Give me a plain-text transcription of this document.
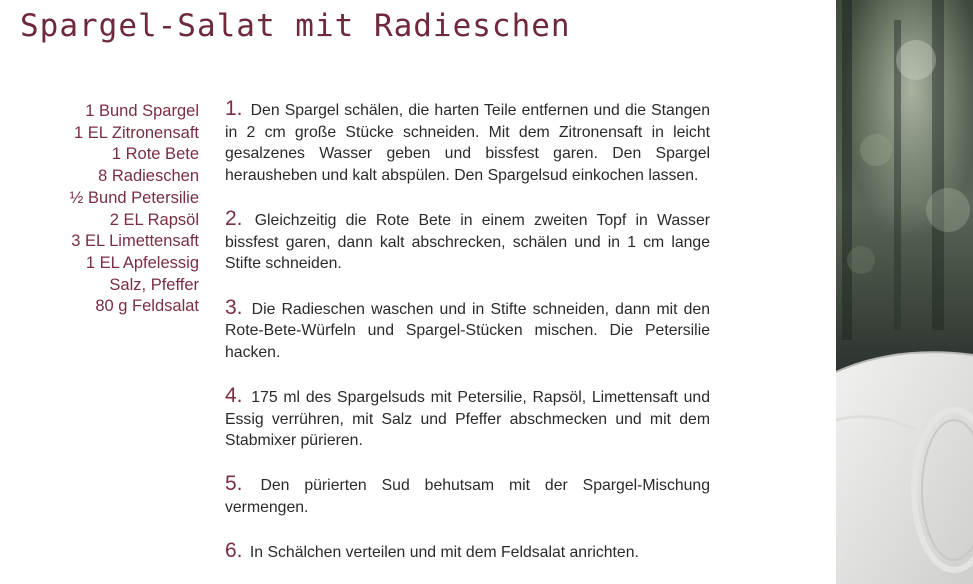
Spargel-Salat mit Radieschen
1 Bund Spargel
1 EL Zitronensaft
1 Rote Bete
8 Radieschen
½ Bund Petersilie
2 EL Rapsöl
3 EL Limettensaft
1 EL Apfelessig
Salz, Pfeffer
80 g Feldsalat

1. Den Spargel schälen, die harten Teile entfernen und die Stangen in 2 cm große Stücke schneiden. Mit dem Zitronensaft in leicht gesalzenes Wasser geben und bissfest garen. Den Spargel herausheben und kalt abspülen. Den Spargelsud einkochen lassen.

2. Gleichzeitig die Rote Bete in einem zweiten Topf in Wasser bissfest garen, dann kalt abschrecken, schälen und in 1 cm lange Stifte schneiden.

3. Die Radieschen waschen und in Stifte schneiden, dann mit den Rote-Bete-Würfeln und Spargel-Stücken mischen. Die Petersilie hacken.

4. 175 ml des Spargelsuds mit Petersilie, Rapsöl, Limettensaft und Essig verrühren, mit Salz und Pfeffer abschmecken und mit dem Stabmixer pürieren.

5. Den pürierten Sud behutsam mit der Spargel-Mischung vermengen.

6. In Schälchen verteilen und mit dem Feldsalat anrichten.
